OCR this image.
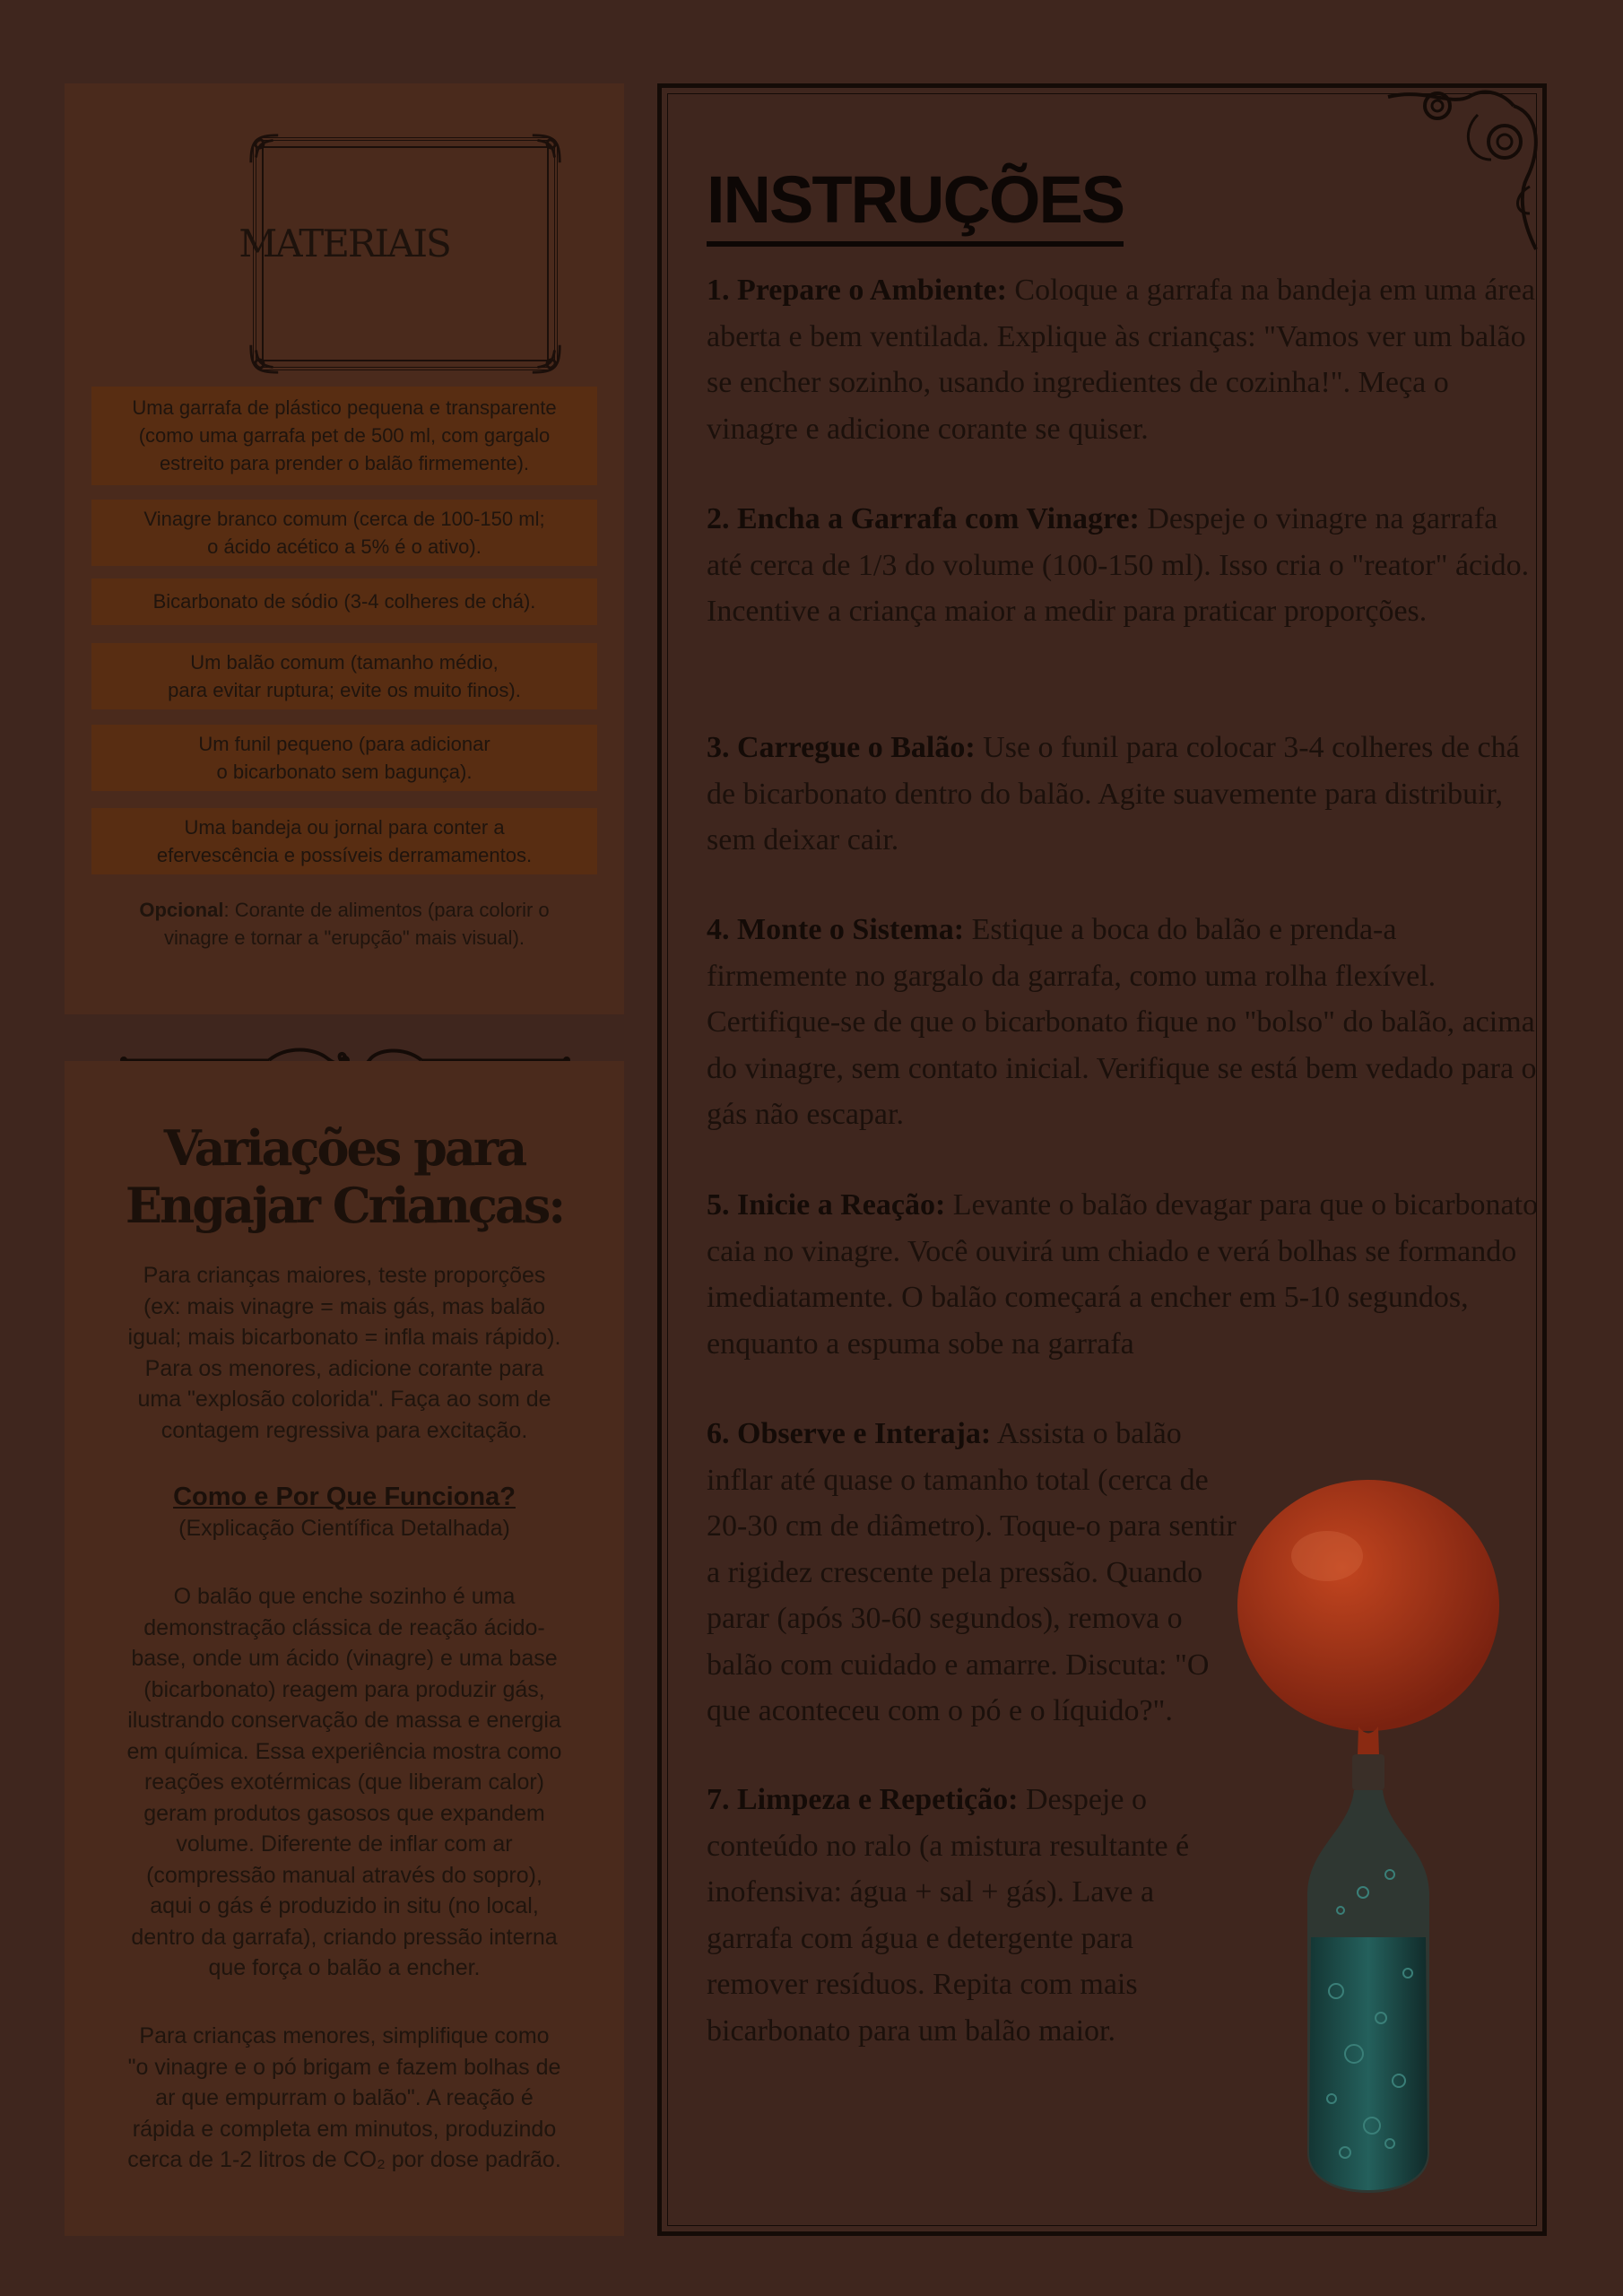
MATERIAIS
Uma garrafa de plástico pequena e transparente
(como uma garrafa pet de 500 ml, com gargalo
estreito para prender o balão firmemente).
Vinagre branco comum (cerca de 100-150 ml;
o ácido acético a 5% é o ativo).
Bicarbonato de sódio (3-4 colheres de chá).
Um balão comum (tamanho médio,
para evitar ruptura; evite os muito finos).
Um funil pequeno (para adicionar
o bicarbonato sem bagunça).
Uma bandeja ou jornal para conter a
efervescência e possíveis derramamentos.
Opcional: Corante de alimentos (para colorir o
vinagre e tornar a "erupção" mais visual).
Variações para
Engajar Crianças:
Para crianças maiores, teste proporções
(ex: mais vinagre = mais gás, mas balão
igual; mais bicarbonato = infla mais rápido).
Para os menores, adicione corante para
uma "explosão colorida". Faça ao som de
contagem regressiva para excitação.
Como e Por Que Funciona?
(Explicação Científica Detalhada)
O balão que enche sozinho é uma
demonstração clássica de reação ácido-
base, onde um ácido (vinagre) e uma base
(bicarbonato) reagem para produzir gás,
ilustrando conservação de massa e energia
em química. Essa experiência mostra como
reações exotérmicas (que liberam calor)
geram produtos gasosos que expandem
volume. Diferente de inflar com ar
(compressão manual através do sopro),
aqui o gás é produzido in situ (no local,
dentro da garrafa), criando pressão interna
que força o balão a encher.
Para crianças menores, simplifique como
"o vinagre e o pó brigam e fazem bolhas de
ar que empurram o balão". A reação é
rápida e completa em minutos, produzindo
cerca de 1-2 litros de CO₂ por dose padrão.
INSTRUÇÕES
1. Prepare o Ambiente: Coloque a garrafa na bandeja em uma área aberta e bem ventilada. Explique às crianças: "Vamos ver um balão se encher sozinho, usando ingredientes de cozinha!". Meça o vinagre e adicione corante se quiser.
2. Encha a Garrafa com Vinagre: Despeje o vinagre na garrafa até cerca de 1/3 do volume (100-150 ml). Isso cria o "reator" ácido. Incentive a criança maior a medir para praticar proporções.
3. Carregue o Balão: Use o funil para colocar 3-4 colheres de chá de bicarbonato dentro do balão. Agite suavemente para distribuir, sem deixar cair.
4. Monte o Sistema: Estique a boca do balão e prenda-a firmemente no gargalo da garrafa, como uma rolha flexível. Certifique-se de que o bicarbonato fique no "bolso" do balão, acima do vinagre, sem contato inicial. Verifique se está bem vedado para o gás não escapar.
5. Inicie a Reação: Levante o balão devagar para que o bicarbonato caia no vinagre. Você ouvirá um chiado e verá bolhas se formando imediatamente. O balão começará a encher em 5-10 segundos, enquanto a espuma sobe na garrafa
6. Observe e Interaja: Assista o balão inflar até quase o tamanho total (cerca de 20-30 cm de diâmetro). Toque-o para sentir a rigidez crescente pela pressão. Quando parar (após 30-60 segundos), remova o balão com cuidado e amarre. Discuta: "O que aconteceu com o pó e o líquido?".
7. Limpeza e Repetição: Despeje o conteúdo no ralo (a mistura resultante é inofensiva: água + sal + gás). Lave a garrafa com água e detergente para remover resíduos. Repita com mais bicarbonato para um balão maior.
